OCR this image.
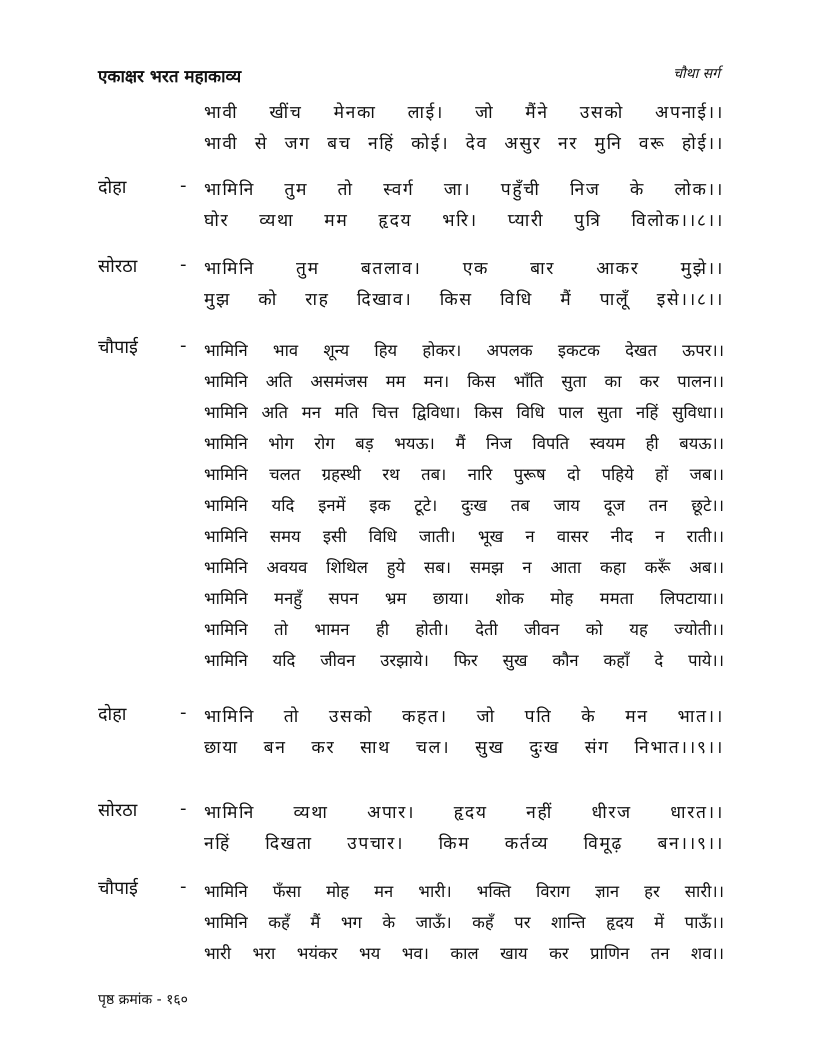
एकाक्षर भरत महाकाव्य	चौथा सर्ग
भावी खींच मेनका लाई। जो मैंने उसको अपनाई।।
भावी से जग बच नहिं कोई। देव असुर नर मुनि वरू होई।।
दोहा	- भामिनि तुम तो स्वर्ग जा। पहुँची निज के लोक।।
घोर व्यथा मम हृदय भरि। प्यारी पुत्रि विलोक।।८।।
सोरठा - भामिनि तुम बतलाव। एक बार आकर मुझे।।
मुझ को राह दिखाव। किस विधि मैं पालूँ इसे।।८।।
चौपाई - भामिनि भाव शून्य हिय होकर। अपलक इकटक देखत ऊपर।।
भामिनि अति असमंजस मम मन। किस भाँति सुता का कर पालन।।
भामिनि अति मन मति चित्त द्विविधा। किस विधि पाल सुता नहिं सुविधा।।
भामिनि भोग रोग बड़ भयऊ। मैं निज विपति स्वयम ही बयऊ।।
भामिनि चलत ग्रहस्थी रथ तब। नारि पुरूष दो पहिये हों जब।।
भामिनि यदि इनमें इक टूटे। दुःख तब जाय दूज तन छूटे।।
भामिनि समय इसी विधि जाती। भूख न वासर नीद न राती।।
भामिनि अवयव शिथिल हुये सब। समझ न आता कहा करूँ अब।।
भामिनि मनहुँ सपन भ्रम छाया। शोक मोह ममता लिपटाया।।
भामिनि तो भामन ही होती। देती जीवन को यह ज्योती।।
भामिनि यदि जीवन उरझाये। फिर सुख कौन कहाँ दे पाये।।
दोहा	- भामिनि तो उसको कहत। जो पति के मन भात।।
छाया बन कर साथ चल। सुख दुःख संग निभात।।९।।
सोरठा - भामिनि व्यथा अपार। हृदय नहीं धीरज धारत।।
नहिं दिखता उपचार। किम कर्तव्य विमूढ़ बन।।९।।
चौपाई - भामिनि फँसा मोह मन भारी। भक्ति विराग ज्ञान हर सारी।।
भामिनि कहँ मैं भग के जाऊँ। कहँ पर शान्ति हृदय में पाऊँ।।
भारी भरा भयंकर भय भव। काल खाय कर प्राणिन तन शव।।
पृष्ठ क्रमांक - १६०
